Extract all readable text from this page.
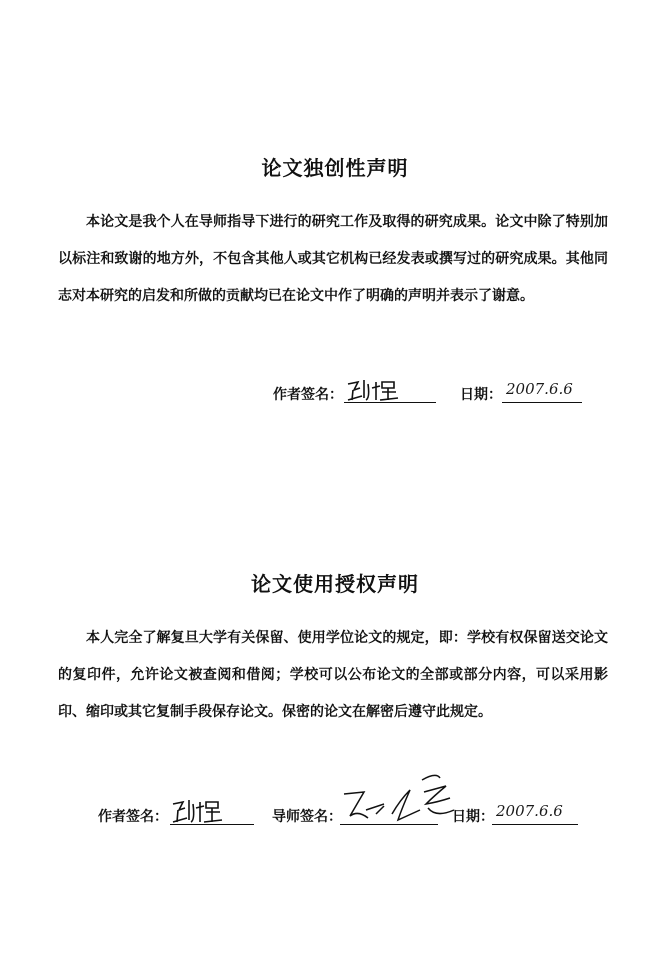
论文独创性声明
本论文是我个人在导师指导下进行的研究工作及取得的研究成果。论文中除了特别加以标注和致谢的地方外，不包含其他人或其它机构已经发表或撰写过的研究成果。其他同志对本研究的启发和所做的贡献均已在论文中作了明确的声明并表示了谢意。
作者签名：	日期： 2007.6.6
论文使用授权声明
本人完全了解复旦大学有关保留、使用学位论文的规定，即：学校有权保留送交论文的复印件，允许论文被查阅和借阅；学校可以公布论文的全部或部分内容，可以采用影印、缩印或其它复制手段保存论文。保密的论文在解密后遵守此规定。
作者签名：	导师签名：	日期： 2007.6.6
